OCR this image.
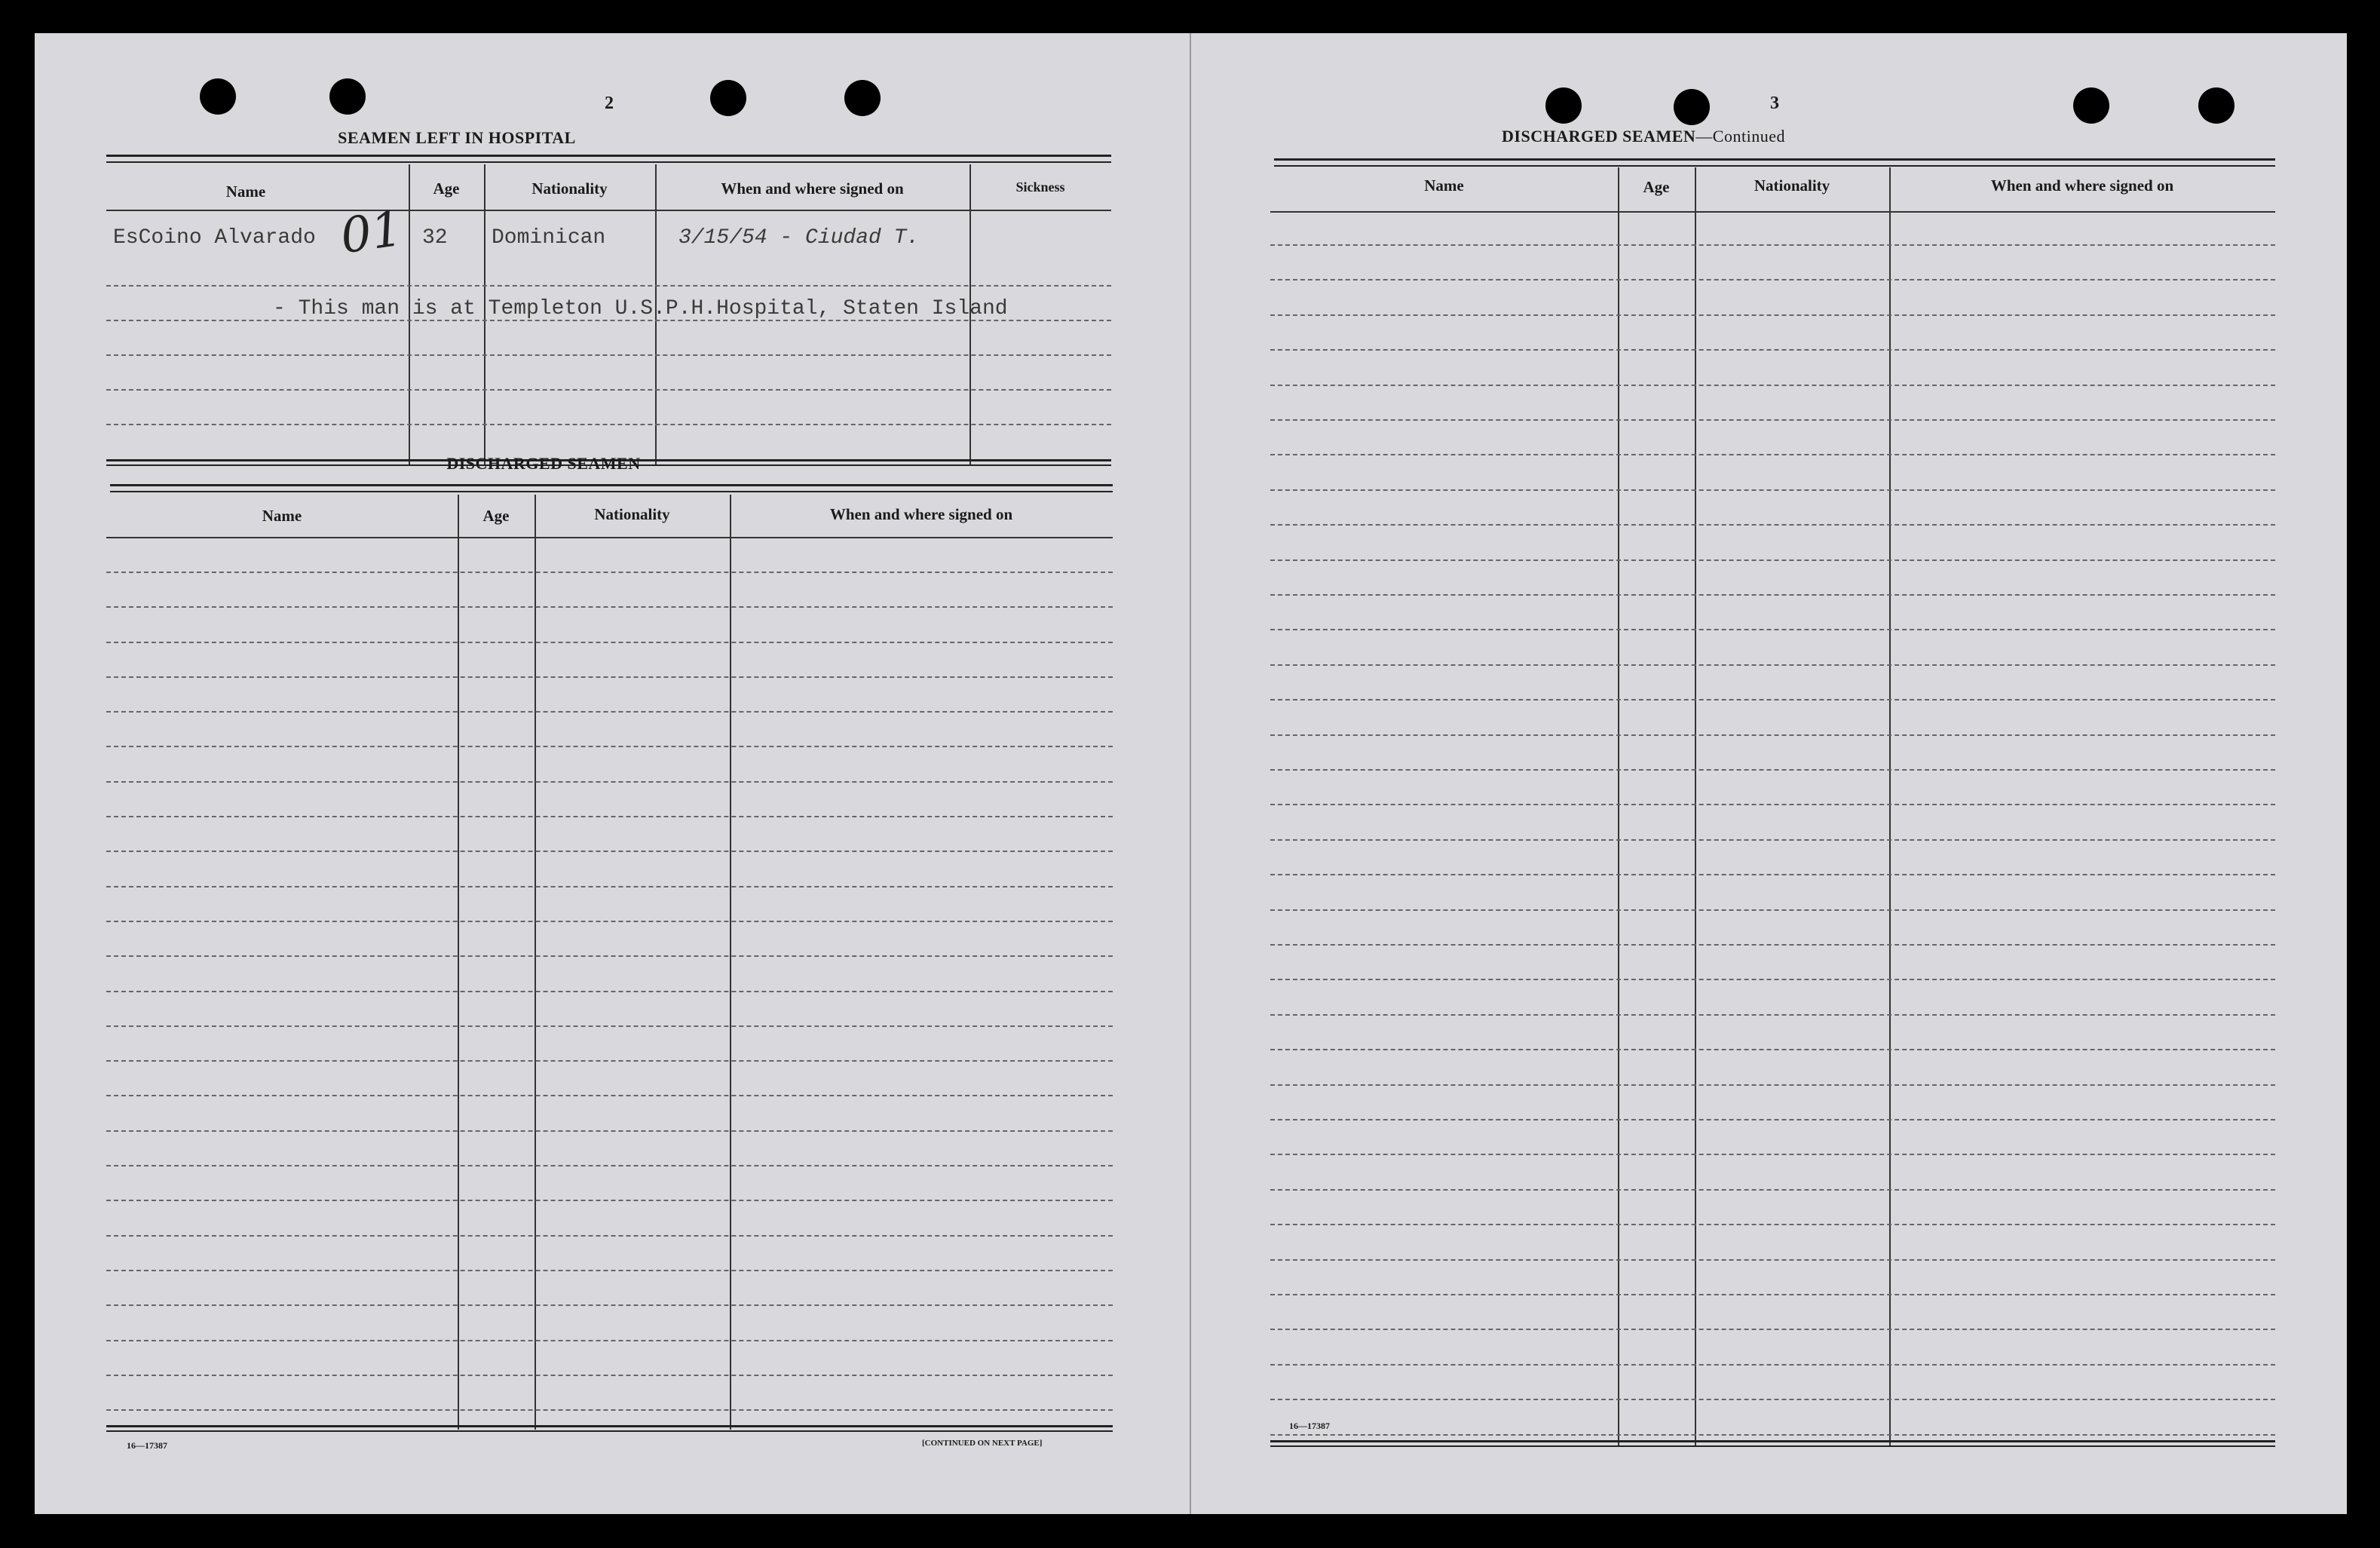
2
SEAMEN LEFT IN HOSPITAL
Name	Age	Nationality	When and where signed on	Sickness
01
EsCoino Alvarado	32 Dominican	3/15/54 - Ciudad T.
- This man is at Templeton U.S.P.H.Hospital, Staten Island
DISCHARGED SEAMEN
Name	Age	Nationality	When and where signed on
16—17387	[CONTINUED ON NEXT PAGE]
3
DISCHARGED SEAMEN—Continued
Name	Age	Nationality	When and where signed on
16—17387
